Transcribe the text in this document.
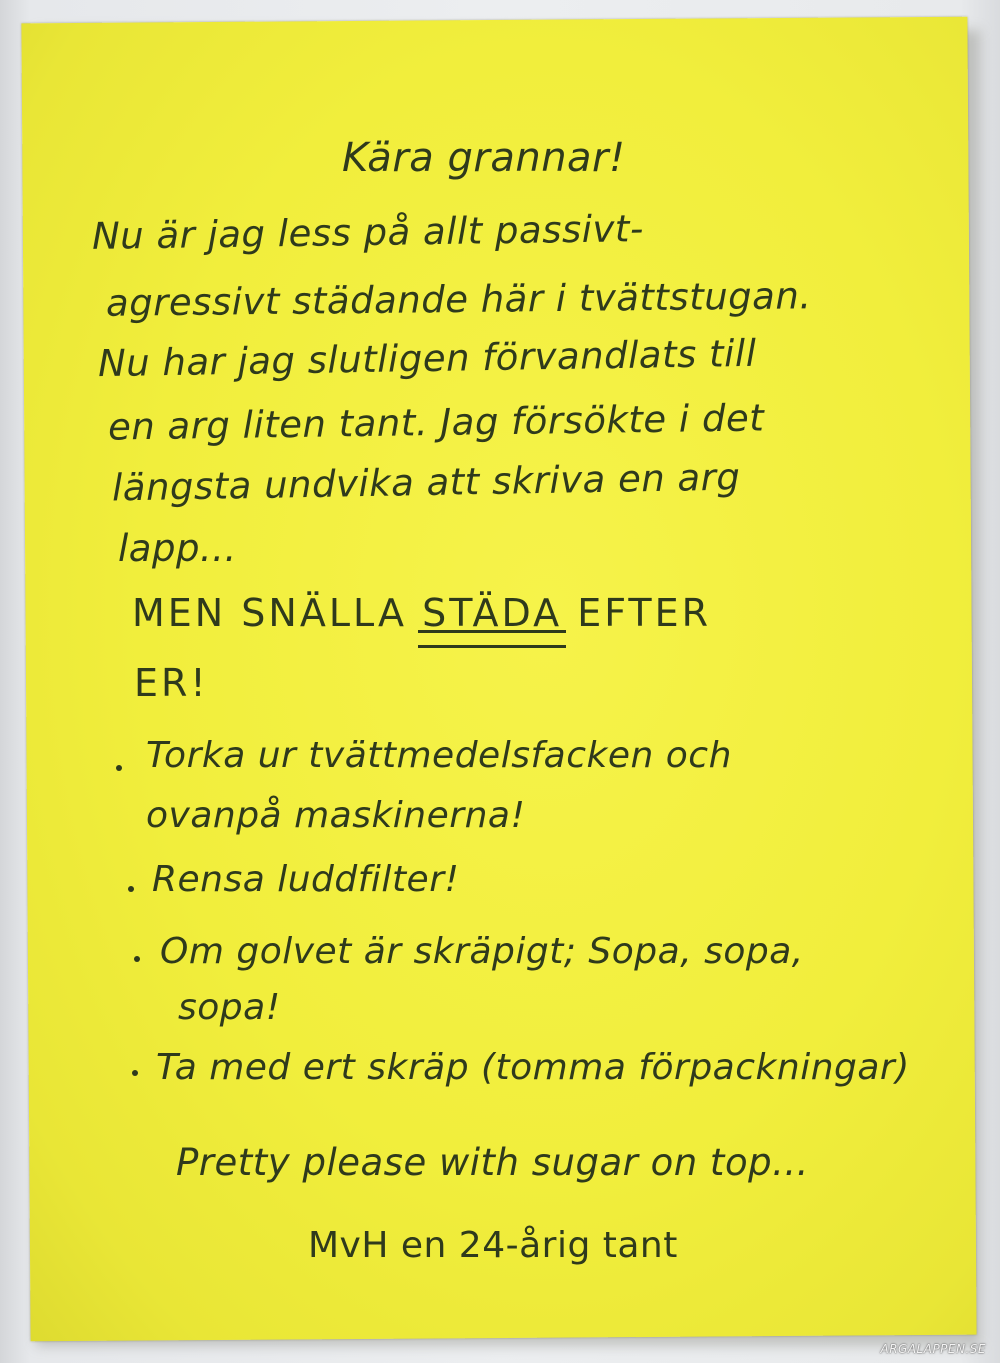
Kära grannar!

Nu är jag less på allt passivt-

agressivt städande här i tvättstugan.

Nu har jag slutligen förvandlats till

en arg liten tant. Jag försökte i det

längsta undvika att skriva en arg

lapp...

MEN SNÄLLA STÄDA EFTER

ER!

Torka ur tvättmedelsfacken och

ovanpå maskinerna!

Rensa luddfilter!

Om golvet är skräpigt; Sopa, sopa,

sopa!

Ta med ert skräp (tomma förpackningar)

Pretty please with sugar on top...

MvH en 24-årig tant

ARGALAPPEN.SE
